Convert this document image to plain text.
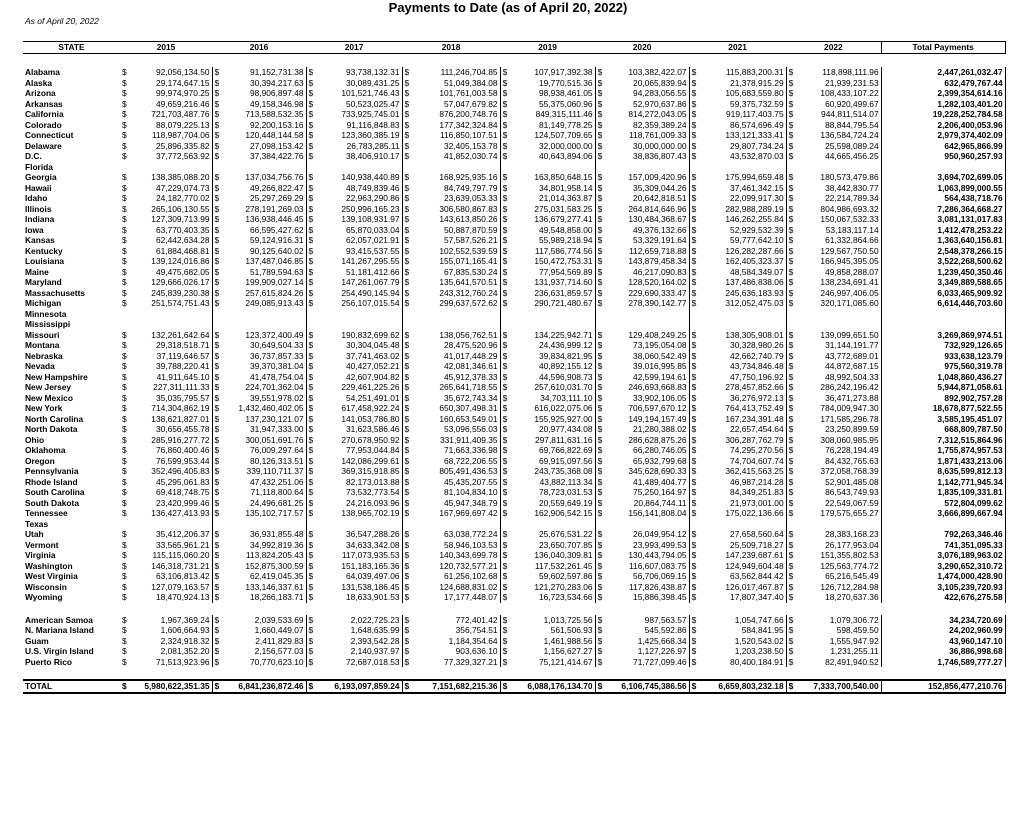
Payments to Date (as of April 20, 2022)
As of April 20, 2022
STATE	2015		2016		2017		2018		2019		2020		2021		2022		Total Payments

Alabama	$	92,056,134.50	$	91,152,731.38	$	93,738,132.31	$	111,246,704.85	$	107,917,392.38	$	103,382,422.07	$	115,883,200.31	$	118,898,111.96	2,447,261,032.47
Alaska	$	29,174,647.15	$	30,394,217.63	$	30,089,431.25	$	51,049,384.08	$	19,770,515.36	$	20,065,839.94	$	21,378,915.29	$	21,939,231.53	632,479,767.44
Arizona	$	99,974,970.25	$	98,906,897.48	$	101,521,746.43	$	101,761,003.58	$	98,938,461.05	$	94,283,056.55	$	105,683,559.80	$	108,433,107.22	2,399,354,614.16
Arkansas	$	49,659,216.46	$	49,158,346.98	$	50,523,025.47	$	57,047,679.82	$	55,375,060.96	$	52,970,637.86	$	59,375,732.59	$	60,920,499.67	1,282,103,401.20
California	$	721,703,487.76	$	713,588,532.35	$	733,925,745.01	$	876,200,748.76	$	849,315,111.46	$	814,272,043.05	$	919,117,403.75	$	944,811,514.07	19,228,252,784.58
Colorado	$	88,079,225.13	$	92,200,153.16	$	91,116,848.83	$	177,342,324.84	$	81,149,778.25	$	82,359,389.24	$	86,574,696.49	$	88,844,795.54	2,206,400,053.96
Connecticut	$	118,987,704.06	$	120,448,144.58	$	123,360,385.19	$	116,850,107.51	$	124,507,709.65	$	118,761,009.33	$	133,121,333.41	$	136,584,724.24	2,979,374,402.09
Delaware	$	25,896,335.82	$	27,098,153.42	$	26,783,285.11	$	32,405,153.78	$	32,000,000.00	$	30,000,000.00	$	29,807,734.24	$	25,598,089.24	642,965,866.99
D.C.	$	37,772,563.92	$	37,384,422.76	$	38,406,910.17	$	41,852,030.74	$	40,643,894.06	$	38,836,807.43	$	43,532,870.03	$	44,665,456.25	950,960,257.93
Florida																	
Georgia	$	138,385,088.20	$	137,034,756.76	$	140,938,440.89	$	168,925,935.16	$	163,850,648.15	$	157,009,420.96	$	175,994,659.48	$	180,573,479.86	3,694,702,699.05
Hawaii	$	47,229,074.73	$	49,266,822.47	$	48,749,839.46	$	84,749,797.79	$	34,801,958.14	$	35,309,044.26	$	37,461,342.15	$	38,442,830.77	1,063,899,000.55
Idaho	$	24,182,770.02	$	25,297,269.29	$	22,963,290.86	$	23,639,053.33	$	21,014,363.87	$	20,642,818.51	$	22,099,917.30	$	22,214,789.34	564,438,718.76
Illinois	$	265,106,130.55	$	278,191,269.03	$	250,996,165.23	$	306,580,867.83	$	275,031,583.25	$	264,814,646.96	$	282,988,289.19	$	804,986,693.32	7,286,364,668.27
Indiana	$	127,309,713.99	$	136,938,446.45	$	139,108,931.97	$	143,613,850.26	$	136,679,277.41	$	130,484,368.67	$	146,262,255.84	$	150,067,532.33	3,081,131,017.83
Iowa	$	63,770,403.35	$	66,595,427.62	$	65,870,033.04	$	50,887,870.59	$	49,548,858.00	$	49,376,132.66	$	52,929,532.39	$	53,183,117.14	1,412,478,253.22
Kansas	$	62,442,634.28	$	59,124,916.31	$	62,057,021.91	$	57,587,526.21	$	55,989,218.94	$	53,329,191.64	$	59,777,642.10	$	61,332,864.66	1,363,640,156.81
Kentucky	$	61,884,468.81	$	90,125,640.02	$	93,415,537.55	$	102,552,539.59	$	117,586,774.56	$	112,659,718.88	$	126,282,287.66	$	129,567,750.50	2,548,378,266.15
Louisiana	$	139,124,016.86	$	137,487,046.85	$	141,267,295.55	$	155,071,165.41	$	150,472,753.31	$	143,879,458.34	$	162,405,323.37	$	166,945,395.05	3,522,268,500.62
Maine	$	49,475,682.05	$	51,789,594.63	$	51,181,412.66	$	67,835,530.24	$	77,954,569.89	$	46,217,090.83	$	48,584,349.07	$	49,858,288.07	1,239,450,350.46
Maryland	$	129,666,026.17	$	199,909,027.14	$	147,261,067.79	$	135,641,570.51	$	131,937,714.60	$	128,520,164.02	$	137,486,838.06	$	138,234,691.41	3,349,889,588.65
Massachusetts	$	245,839,230.38	$	257,615,824.26	$	254,490,145.94	$	243,312,760.24	$	236,631,859.57	$	229,690,333.47	$	245,636,183.93	$	246,997,406.05	6,033,465,909.92
Michigan	$	251,574,751.43	$	249,085,913.43	$	256,107,015.54	$	299,637,572.62	$	290,721,480.67	$	278,390,142.77	$	312,052,475.03	$	320,171,085.60	6,614,446,703.60
Minnesota																	
Mississippi																	
Missouri	$	132,261,642.64	$	123,372,400.49	$	190,832,699.62	$	138,056,762.51	$	134,225,942.71	$	129,408,249.25	$	138,305,908.01	$	139,099,651.50	3,269,869,974.51
Montana	$	29,318,518.71	$	30,649,504.33	$	30,304,045.48	$	28,475,520.96	$	24,436,999.12	$	73,195,054.08	$	30,328,980.26	$	31,144,191.77	732,929,126.65
Nebraska	$	37,119,646.57	$	36,737,857.33	$	37,741,463.02	$	41,017,448.29	$	39,834,821.95	$	38,060,542.49	$	42,662,740.79	$	43,772,689.01	933,638,123.79
Nevada	$	39,788,220.41	$	39,370,381.04	$	40,427,052.21	$	42,081,346.61	$	40,892,155.12	$	39,016,995.85	$	43,734,846.48	$	44,872,687.15	975,560,319.78
New Hampshire	$	41,911,645.10	$	41,478,754.04	$	42,607,904.82	$	45,912,378.33	$	44,596,908.73	$	42,599,194.61	$	47,750,196.92	$	48,992,504.33	1,048,860,436.27
New Jersey	$	227,311,111.33	$	224,701,362.04	$	229,461,225.26	$	265,641,718.55	$	257,610,031.70	$	246,693,668.83	$	278,457,852.66	$	286,242,196.42	5,944,871,058.61
New Mexico	$	35,035,795.57	$	39,551,978.02	$	54,251,491.01	$	35,672,743.34	$	34,703,111.10	$	33,902,106.05	$	36,276,972.13	$	36,471,273.88	892,902,757.28
New York	$	714,304,862.19	$	1,432,460,402.05	$	617,458,922.24	$	650,307,498.31	$	616,022,075.06	$	706,597,670.12	$	764,413,752.49	$	784,009,947.30	18,678,877,522.55
North Carolina	$	138,621,827.01	$	137,230,121.07	$	141,053,786.80	$	160,653,549.01	$	155,925,927.00	$	149,194,157.49	$	167,234,391.48	$	171,585,296.78	3,585,195,451.07
North Dakota	$	30,656,455.78	$	31,947,333.00	$	31,623,586.46	$	53,096,556.03	$	20,977,434.08	$	21,280,388.02	$	22,657,454.64	$	23,250,899.59	668,809,787.50
Ohio	$	285,916,277.72	$	300,051,691.76	$	270,678,950.92	$	331,911,409.35	$	297,811,631.16	$	286,628,875.26	$	306,287,762.79	$	308,060,985.95	7,312,515,864.96
Oklahoma	$	76,860,400.46	$	76,009,297.64	$	77,953,044.84	$	71,663,336.98	$	69,766,822.69	$	66,280,746.05	$	74,295,270.56	$	76,228,194.49	1,755,874,957.53
Oregon	$	76,599,953.44	$	80,126,313.51	$	142,086,299.61	$	68,722,206.55	$	69,915,097.56	$	65,932,799.68	$	74,704,607.74	$	84,432,765.63	1,871,433,213.06
Pennsylvania	$	352,496,405.83	$	339,110,711.37	$	369,315,918.85	$	805,491,436.53	$	243,735,368.08	$	345,628,690.33	$	362,415,563.25	$	372,058,768.39	8,635,599,812.13
Rhode Island	$	45,295,061.83	$	47,432,251.06	$	82,173,013.88	$	45,435,207.55	$	43,882,113.34	$	41,489,404.77	$	46,987,214.28	$	52,901,485.08	1,142,771,945.34
South Carolina	$	69,418,748.75	$	71,118,800.64	$	73,532,773.54	$	81,104,834.10	$	78,723,031.53	$	75,250,164.97	$	84,349,251.83	$	86,543,749.93	1,835,109,331.81
South Dakota	$	23,420,999.46	$	24,496,681.25	$	24,216,093.96	$	45,947,348.79	$	20,559,649.19	$	20,864,744.11	$	21,973,001.00	$	22,549,067.59	572,804,099.62
Tennessee	$	136,427,413.93	$	135,102,717.57	$	138,965,702.19	$	167,969,697.42	$	162,906,542.15	$	156,141,808.04	$	175,022,136.66	$	179,575,655.27	3,666,899,667.94
Texas																	
Utah	$	35,412,206.37	$	36,931,855.48	$	36,547,288.26	$	63,038,772.24	$	25,676,531.22	$	26,049,954.12	$	27,658,560.64	$	28,383,168.23	792,263,346.46
Vermont	$	33,565,961.21	$	34,992,819.36	$	34,633,342.08	$	58,946,103.53	$	23,650,707.85	$	23,993,499.53	$	25,509,718.27	$	26,177,953.04	741,351,095.33
Virginia	$	115,115,060.20	$	113,824,205.43	$	117,073,935.53	$	140,343,699.78	$	136,040,309.81	$	130,443,794.05	$	147,239,687.61	$	151,355,802.53	3,076,189,963.02
Washington	$	146,318,731.21	$	152,875,300.59	$	151,183,165.36	$	120,732,577.21	$	117,532,261.45	$	116,607,083.75	$	124,949,604.48	$	125,563,774.72	3,290,652,310.72
West Virginia	$	63,106,813.42	$	62,419,045.35	$	64,039,497.06	$	61,256,102.68	$	59,602,597.86	$	56,706,069.15	$	63,562,844.42	$	65,216,545.49	1,474,000,428.90
Wisconsin	$	127,079,163.57	$	133,146,337.61	$	131,538,186.45	$	124,688,831.02	$	121,270,283.06	$	117,826,438.87	$	126,017,467.87	$	126,712,284.98	3,105,239,720.93
Wyoming	$	18,470,924.13	$	18,266,183.71	$	18,633,901.53	$	17,177,448.07	$	16,723,534.66	$	15,886,398.45	$	17,807,347.40	$	18,270,637.36	422,676,275.58

American Samoa	$	1,967,369.24	$	2,039,533.69	$	2,022,725.23	$	772,401.42	$	1,013,725.56	$	987,563.57	$	1,054,747.66	$	1,079,306.72	34,234,720.69
N. Mariana Island	$	1,606,664.93	$	1,660,449.07	$	1,648,635.99	$	356,754.51	$	561,506.93	$	545,592.86	$	584,841.95	$	598,459.50	24,202,960.99
Guam	$	2,324,918.32	$	2,411,829.83	$	2,393,542.28	$	1,184,354.64	$	1,461,988.56	$	1,425,668.34	$	1,520,543.02	$	1,555,947.92	43,960,147.10
U.S. Virgin Island	$	2,081,352.20	$	2,156,577.03	$	2,140,937.97	$	903,636.10	$	1,156,627.27	$	1,127,226.97	$	1,203,238.50	$	1,231,255.11	36,886,998.68
Puerto Rico	$	71,513,923.96	$	70,770,623.10	$	72,687,018.53	$	77,329,327.21	$	75,121,414.67	$	71,727,099.46	$	80,400,184.91	$	82,491,940.52	1,746,589,777.27

TOTAL	$	5,980,622,351.35	$	6,841,236,872.46	$	6,193,097,859.24	$	7,151,682,215.36	$	6,088,176,134.70	$	6,106,745,386.56	$	6,659,803,232.18	$	7,333,700,540.00	152,856,477,210.76
